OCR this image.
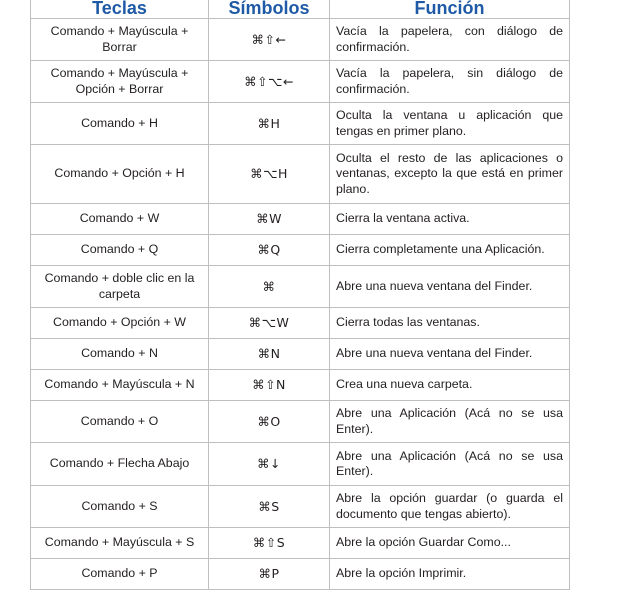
Teclas	Símbolos	Función
Comando + Mayúscula + Borrar	⌘⇧←	Vacía la papelera, con diálogo de confirmación.
Comando + Mayúscula + Opción + Borrar	⌘⇧⌥←	Vacía la papelera, sin diálogo de confirmación.
Comando + H	⌘H	Oculta la ventana u aplicación que tengas en primer plano.
Comando + Opción + H	⌘⌥H	Oculta el resto de las aplicaciones o ventanas, excepto la que está en primer plano.
Comando + W	⌘W	Cierra la ventana activa.
Comando + Q	⌘Q	Cierra completamente una Aplicación.
Comando + doble clic en la carpeta	⌘	Abre una nueva ventana del Finder.
Comando + Opción + W	⌘⌥W	Cierra todas las ventanas.
Comando + N	⌘N	Abre una nueva ventana del Finder.
Comando + Mayúscula + N	⌘⇧N	Crea una nueva carpeta.
Comando + O	⌘O	Abre una Aplicación (Acá no se usa Enter).
Comando + Flecha Abajo	⌘↓	Abre una Aplicación (Acá no se usa Enter).
Comando + S	⌘S	Abre la opción guardar (o guarda el documento que tengas abierto).
Comando + Mayúscula + S	⌘⇧S	Abre la opción Guardar Como...
Comando + P	⌘P	Abre la opción Imprimir.
